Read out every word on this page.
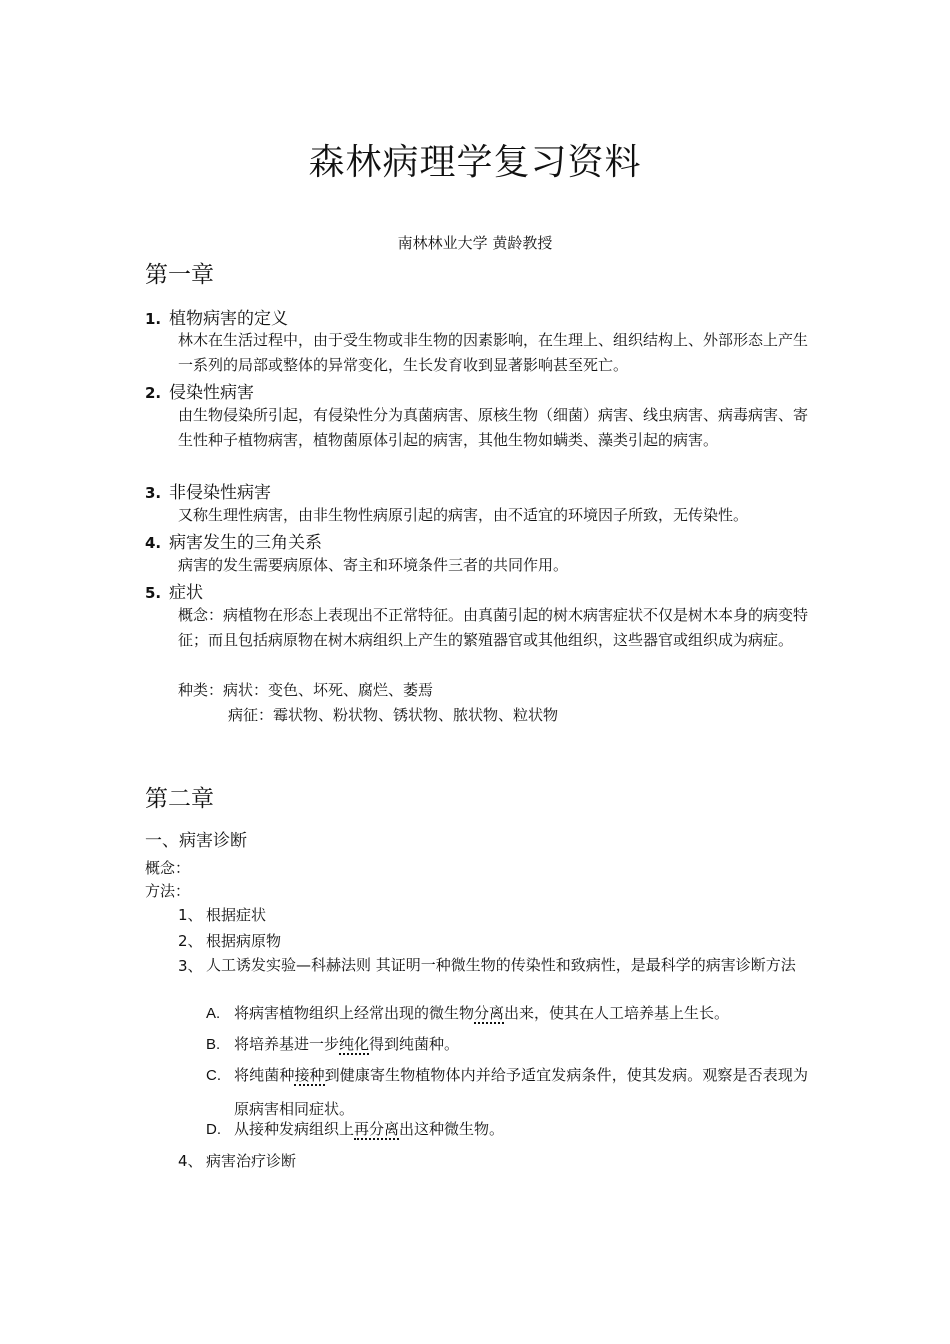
森林病理学复习资料
南林林业大学 黄龄教授
第一章
1. 植物病害的定义
林木在生活过程中，由于受生物或非生物的因素影响，在生理上、组织结构上、外部形态上产生一系列的局部或整体的异常变化，生长发育收到显著影响甚至死亡。
2. 侵染性病害
由生物侵染所引起，有侵染性分为真菌病害、原核生物（细菌）病害、线虫病害、病毒病害、寄生性种子植物病害，植物菌原体引起的病害，其他生物如螨类、藻类引起的病害。
3. 非侵染性病害
又称生理性病害，由非生物性病原引起的病害，由不适宜的环境因子所致，无传染性。
4. 病害发生的三角关系
病害的发生需要病原体、寄主和环境条件三者的共同作用。
5. 症状
概念：病植物在形态上表现出不正常特征。由真菌引起的树木病害症状不仅是树木本身的病变特征；而且包括病原物在树木病组织上产生的繁殖器官或其他组织，这些器官或组织成为病症。
种类：病状：变色、坏死、腐烂、萎焉
病征：霉状物、粉状物、锈状物、脓状物、粒状物
第二章
一、病害诊断
概念：
方法：
1、 根据症状
2、 根据病原物
3、 人工诱发实验—科赫法则 其证明一种微生物的传染性和致病性，是最科学的病害诊断方法
A. 将病害植物组织上经常出现的微生物分离出来，使其在人工培养基上生长。
B. 将培养基进一步纯化得到纯菌种。
C. 将纯菌种接种到健康寄生物植物体内并给予适宜发病条件，使其发病。观察是否表现为原病害相同症状。
D. 从接种发病组织上再分离出这种微生物。
4、 病害治疗诊断
